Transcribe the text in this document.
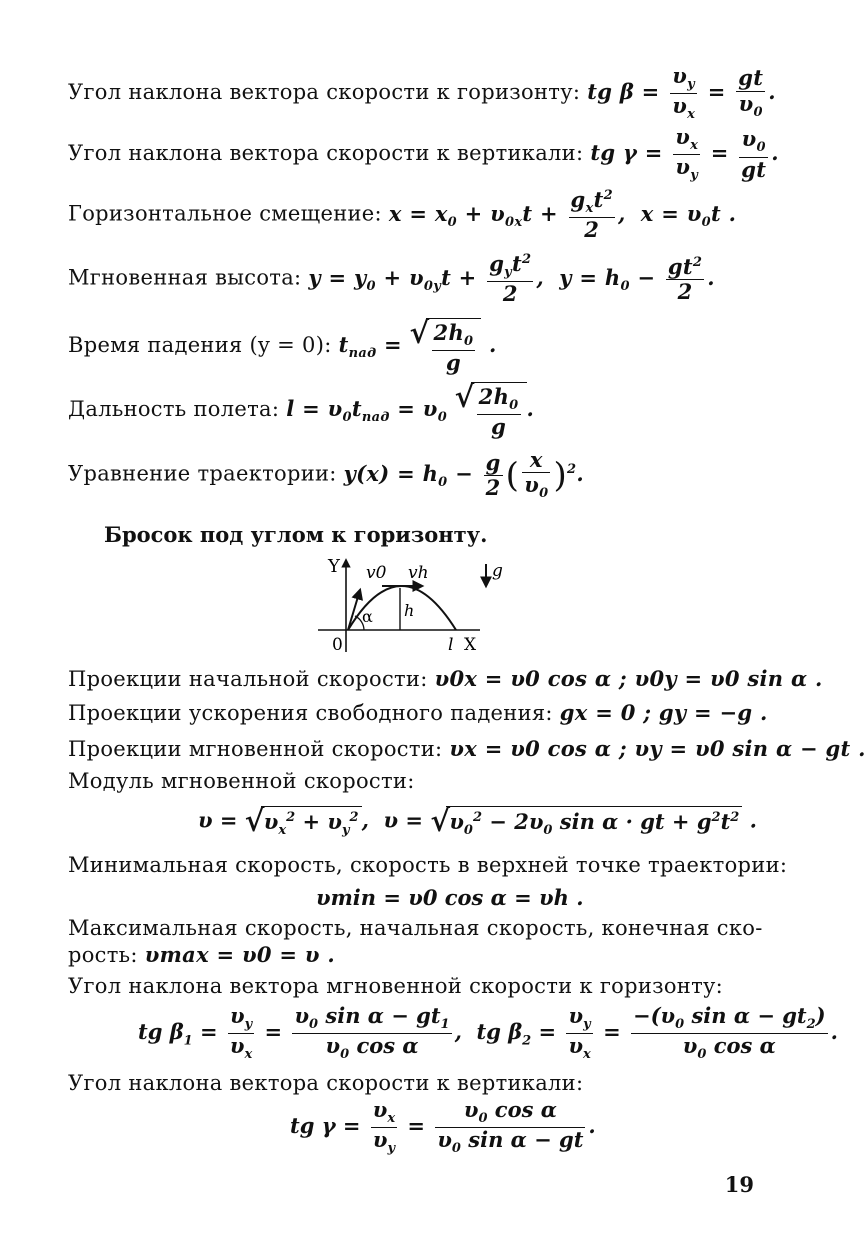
Угол наклона вектора скорости к горизонту: tg $\beta = \frac{\upsilon_y}{\upsilon_x} = \frac{gt}{\upsilon_0}$ .
Угол наклона вектора скорости к вертикали: tg $\gamma = \frac{\upsilon_x}{\upsilon_y} = \frac{\upsilon_0}{gt}$ .
Горизонтальное смещение: $x = x_0 + \upsilon_{0x}t + \frac{g_xt^2}{2}$ ,  $x = \upsilon_0t$ .
Мгновенная высота: $y = y_0 + \upsilon_{0y}t + \frac{g_yt^2}{2}$ ,  $y = h_0 - \frac{gt^2}{2}$ .
Время падения (y = 0): $t_{пад}$ = √ $\frac{2h_0}{g}$ .
Дальность полета: $l = \upsilon_0t_{пад} = \upsilon_0$ √ $\frac{2h_0}{g}$ .
Уравнение траектории: $y(x) = h_0 - \frac{g}{2}$ ( $\frac{x}{\upsilon_0} )^2$.
Бросок под углом к горизонту.
Y v0 vh	g
α h
0	l X
Проекции начальной скорости: υ0x = υ0 cos α ; υ0y = υ0 sin α .
Проекции ускорения свободного падения: gx = 0 ; gy = −g .
Проекции мгновенной скорости: υx = υ0 cos α ; υy = υ0 sin α − gt .
Модуль мгновенной скорости:
υ = √ $\upsilon_x^2 + \upsilon_y^2$ ,  υ = √ $\upsilon_0^2 - 2\upsilon_0$ sin α · gt + $g^2t^2$ .
Минимальная скорость, скорость в верхней точке траектории:
υmin = υ0 cos α = υh .
Максимальная скорость, начальная скорость, конечная ско-
рость: υmax = υ0 = υ .
Угол наклона вектора мгновенной скорости к горизонту:
tg $\beta_1 = \frac{\upsilon_y}{\upsilon_x} = \frac{\upsilon_0 \sin \alpha - gt_1}{\upsilon_0 \cos \alpha}$ ,  tg $\beta_2 = \frac{\upsilon_y}{\upsilon_x} = \frac{-(\upsilon_0 \sin \alpha - gt_2)}{\upsilon_0 \cos \alpha}$ .
Угол наклона вектора скорости к вертикали:
tg $\gamma = \frac{\upsilon_x}{\upsilon_y} = \frac{\upsilon_0 \cos \alpha}{\upsilon_0 \sin \alpha - gt}$ .
19
